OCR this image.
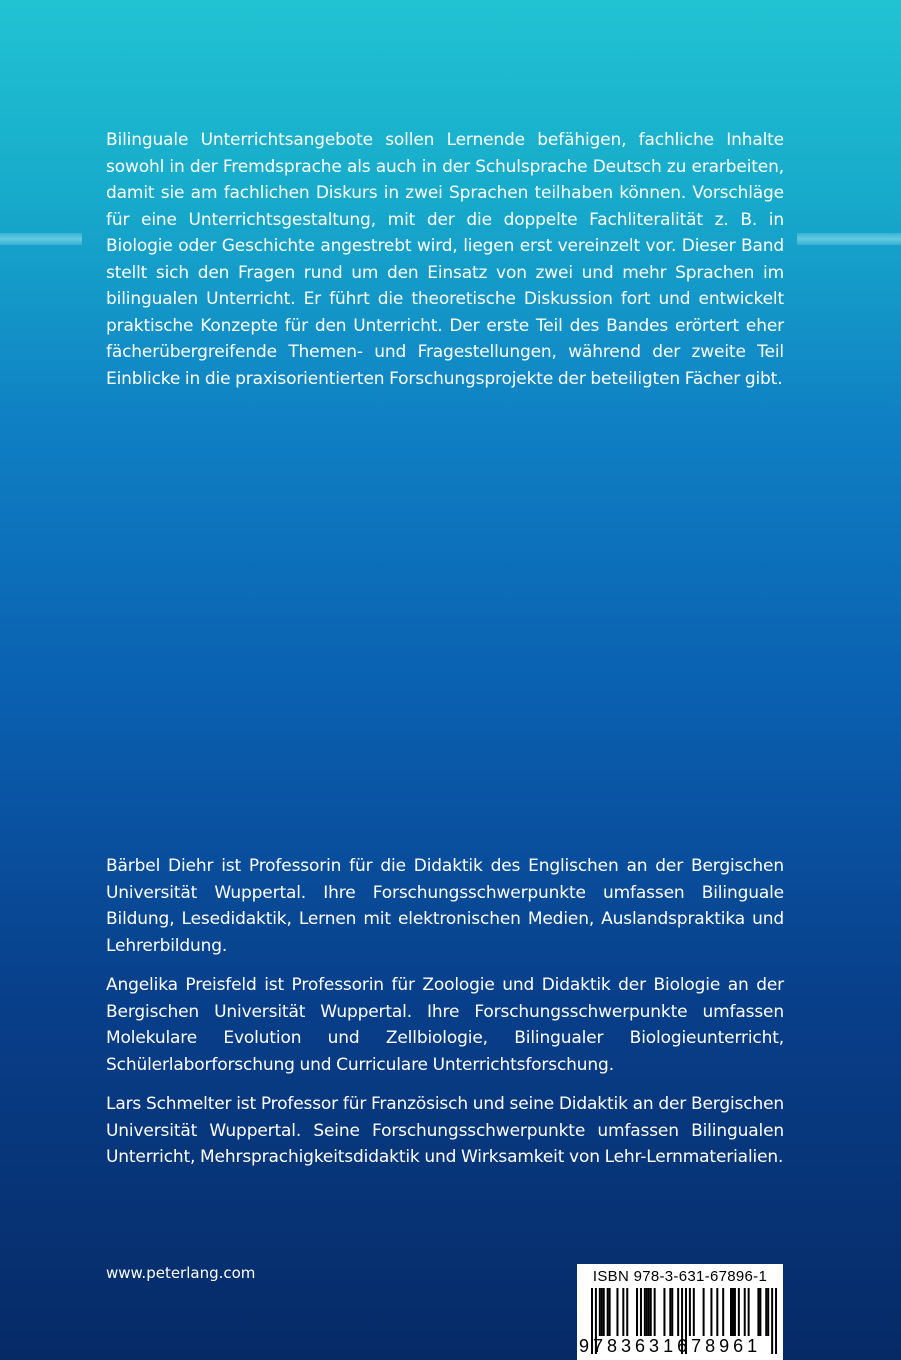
Bilinguale Unterrichtsangebote sollen Lernende befähigen, fachliche Inhalte sowohl in der Fremdsprache als auch in der Schulsprache Deutsch zu erarbeiten, damit sie am fachlichen Diskurs in zwei Sprachen teilhaben können. Vorschläge für eine Unterrichtsgestaltung, mit der die doppelte Fachliteralität z. B. in Biologie oder Geschichte angestrebt wird, liegen erst vereinzelt vor. Dieser Band stellt sich den Fragen rund um den Einsatz von zwei und mehr Sprachen im bilingualen Unterricht. Er führt die theoretische Diskussion fort und entwickelt praktische Konzepte für den Unterricht. Der erste Teil des Bandes erörtert eher fächerübergreifende Themen- und Fragestellungen, während der zweite Teil Einblicke in die praxisorientierten Forschungsprojekte der beteiligten Fächer gibt.

Bärbel Diehr ist Professorin für die Didaktik des Englischen an der Bergischen Universität Wuppertal. Ihre Forschungsschwerpunkte umfassen Bilinguale Bildung, Lesedidaktik, Lernen mit elektronischen Medien, Auslandspraktika und Lehrerbildung.

Angelika Preisfeld ist Professorin für Zoologie und Didaktik der Biologie an der Bergischen Universität Wuppertal. Ihre Forschungsschwerpunkte umfassen Molekulare Evolution und Zellbiologie, Bilingualer Biologieunterricht, Schülerlaborforschung und Curriculare Unterrichtsforschung.

Lars Schmelter ist Professor für Französisch und seine Didaktik an der Bergischen Universität Wuppertal. Seine Forschungsschwerpunkte umfassen Bilingualen Unterricht, Mehrsprachigkeitsdidaktik und Wirksamkeit von Lehr-Lernmaterialien.

www.peterlang.com	ISBN 978-3-631-67896-1
9783631678961
